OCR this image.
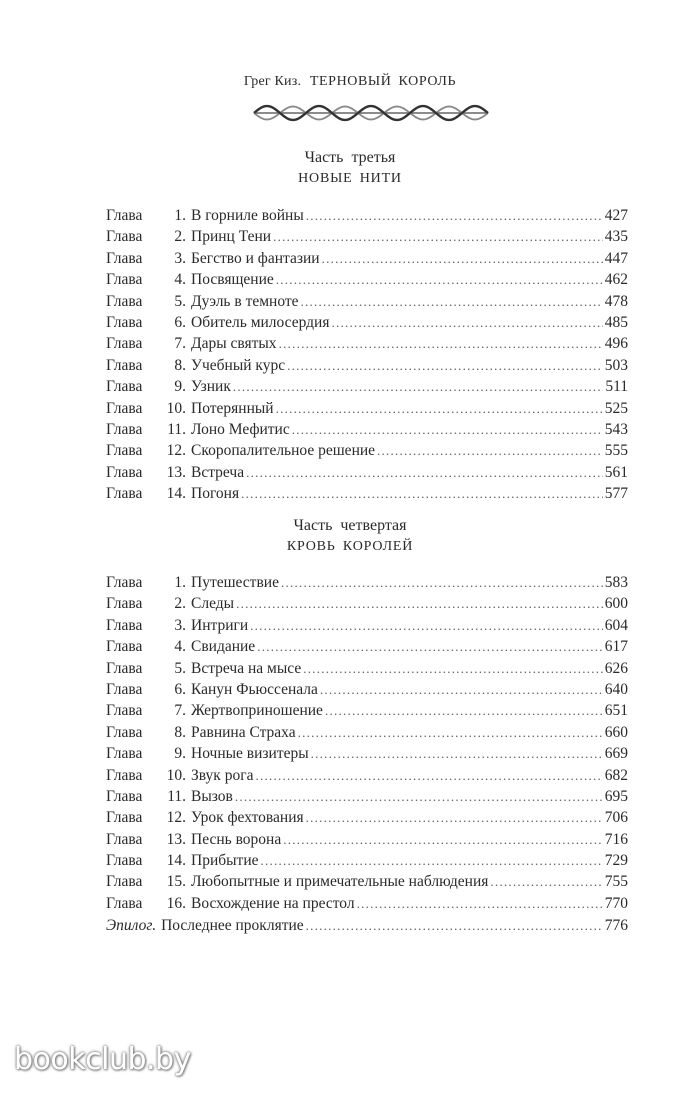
Грег Киз. ТЕРНОВЫЙ КОРОЛЬ
Часть третья
НОВЫЕ НИТИ
Глава	1. В горниле войны . . .	427
Глава	2. Принц Тени . . .	435
Глава	3. Бегство и фантазии . . .	447
Глава	4. Посвящение . . .	462
Глава	5. Дуэль в темноте . . .	478
Глава	6. Обитель милосердия . . .	485
Глава	7. Дары святых . . .	496
Глава	8. Учебный курс . . .	503
Глава	9. Узник . . .	511
Глава	10. Потерянный . . .	525
Глава	11. Лоно Мефитис . . .	543
Глава	12. Скоропалительное решение . . .	555
Глава	13. Встреча . . .	561
Глава	14. Погоня . . .	577
Часть четвертая
КРОВЬ КОРОЛЕЙ
Глава	1. Путешествие . . .	583
Глава	2. Следы . . .	600
Глава	3. Интриги . . .	604
Глава	4. Свидание . . .	617
Глава	5. Встреча на мысе . . .	626
Глава	6. Канун Фьюссенала . . .	640
Глава	7. Жертвоприношение . . .	651
Глава	8. Равнина Страха . . .	660
Глава	9. Ночные визитеры . . .	669
Глава	10. Звук рога . . .	682
Глава	11. Вызов . . .	695
Глава	12. Урок фехтования . . .	706
Глава	13. Песнь ворона . . .	716
Глава	14. Прибытие . . .	729
Глава	15. Любопытные и примечательные наблюдения . . .	755
Глава	16. Восхождение на престол . . .	770
Эпилог. Последнее проклятие . . .	776
bookclub.by
